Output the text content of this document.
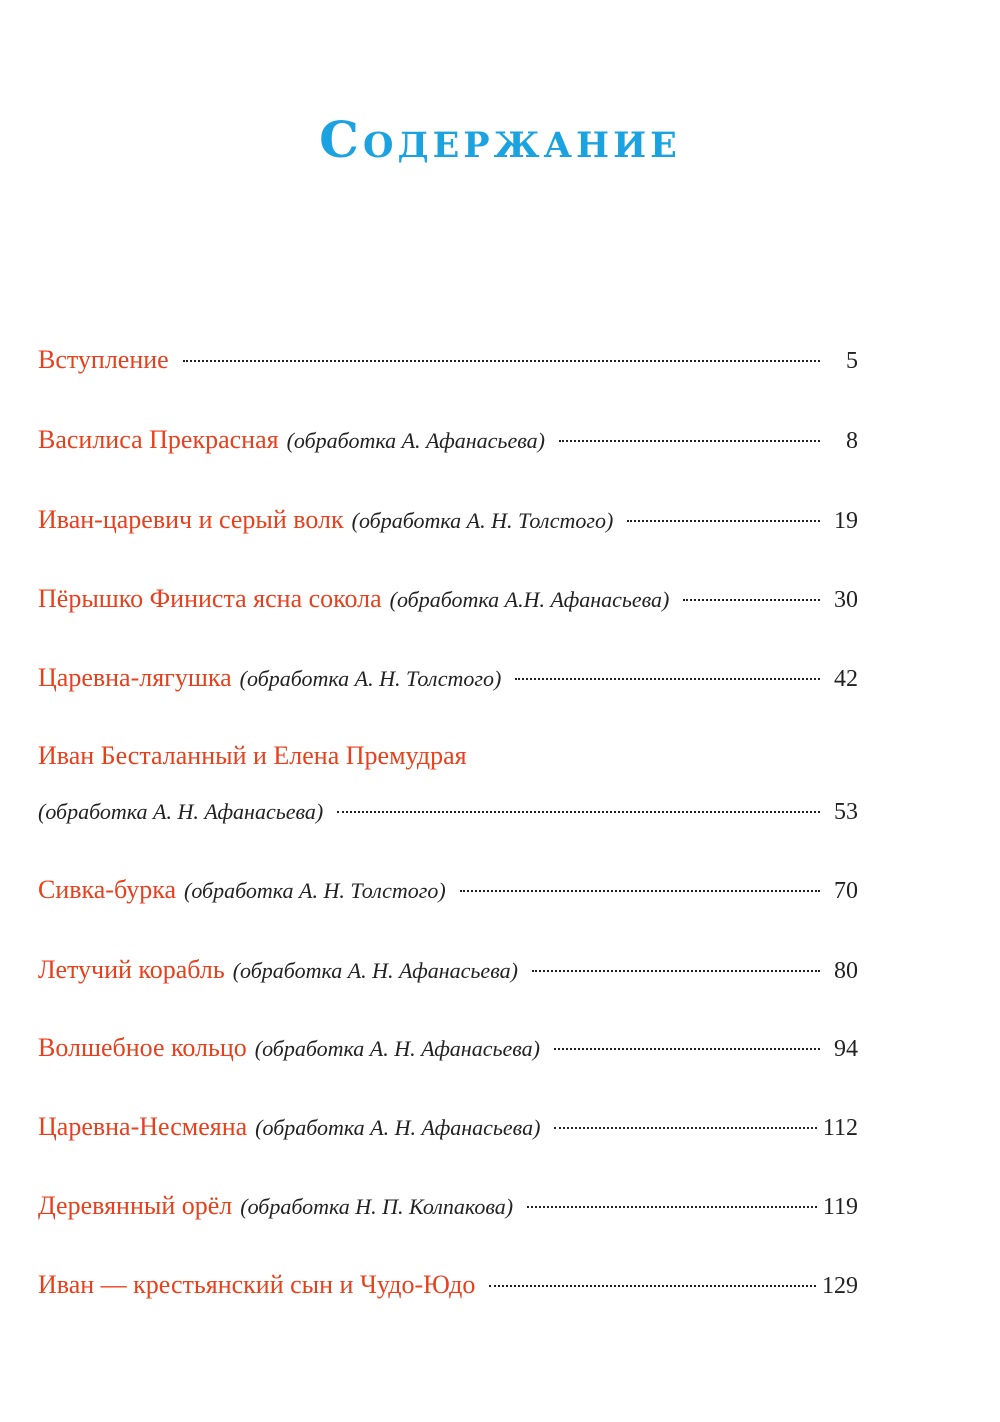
Содержание
Вступление	5
Василиса Прекрасная (обработка А. Афанасьева)	8
Иван-царевич и серый волк (обработка А. Н. Толстого)	19
Пёрышко Финиста ясна сокола (обработка А.Н. Афанасьева)	30
Царевна-лягушка (обработка А. Н. Толстого)	42
Иван Бесталанный и Елена Премудрая
(обработка А. Н. Афанасьева)	53
Сивка-бурка (обработка А. Н. Толстого)	70
Летучий корабль (обработка А. Н. Афанасьева)	80
Волшебное кольцо (обработка А. Н. Афанасьева)	94
Царевна-Несмеяна (обработка А. Н. Афанасьева)	112
Деревянный орёл (обработка Н. П. Колпакова)	119
Иван — крестьянский сын и Чудо-Юдо	129
